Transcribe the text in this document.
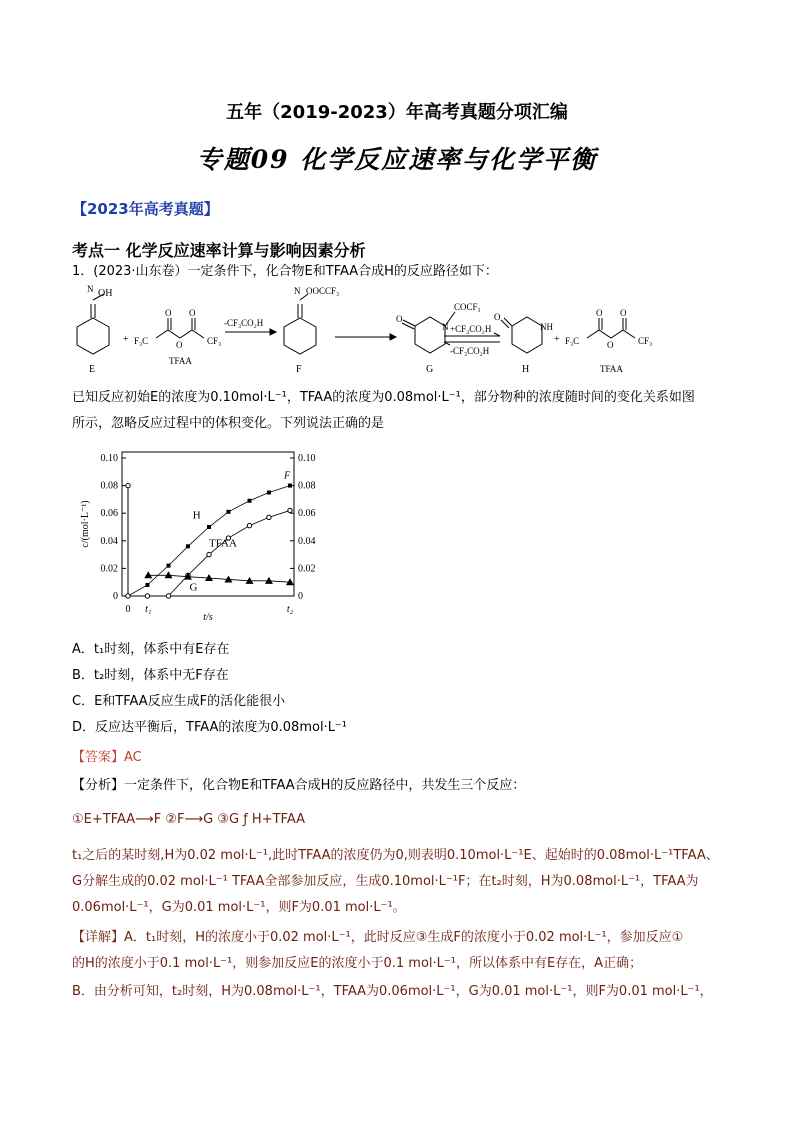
五年（2019-2023）年高考真题分项汇编
专题09 化学反应速率与化学平衡
【2023年高考真题】
考点一 化学反应速率计算与影响因素分析
1．(2023·山东卷）一定条件下，化合物E和TFAA合成H的反应路径如下：
OH
N
E
+ F₃C	CF₃
O O
O
TFAA
-CF₃CO₂H
N OOCCF₃
F
O
N
COCF₃
G
+CF₃CO₂H
-CF₃CO₂H
O
NH
H
+ F₃C	CF₃
O O
O
TFAA
已知反应初始E的浓度为0.10mol·L⁻¹，TFAA的浓度为0.08mol·L⁻¹，部分物种的浓度随时间的变化关系如图
所示，忽略反应过程中的体积变化。下列说法正确的是
0
0.02
0.04
0.06
0.08
0.10
0
0.02
0.04
0.06
0.08
0.10
0 t₁	t₂
c/(mol·L⁻¹)
t/s
H
TFAA
G
F
A．t₁时刻，体系中有E存在
B．t₂时刻，体系中无F存在
C．E和TFAA反应生成F的活化能很小
D．反应达平衡后，TFAA的浓度为0.08mol·L⁻¹
【答案】AC
【分析】一定条件下，化合物E和TFAA合成H的反应路径中，共发生三个反应：
①E+TFAA⟶F ②F⟶G ③G ƒ H+TFAA
t₁之后的某时刻,H为0.02 mol·L⁻¹,此时TFAA的浓度仍为0,则表明0.10mol·L⁻¹E、起始时的0.08mol·L⁻¹TFAA、
G分解生成的0.02 mol·L⁻¹ TFAA全部参加反应，生成0.10mol·L⁻¹F；在t₂时刻，H为0.08mol·L⁻¹，TFAA为
0.06mol·L⁻¹，G为0.01 mol·L⁻¹，则F为0.01 mol·L⁻¹。
【详解】A．t₁时刻，H的浓度小于0.02 mol·L⁻¹，此时反应③生成F的浓度小于0.02 mol·L⁻¹，参加反应①
的H的浓度小于0.1 mol·L⁻¹，则参加反应E的浓度小于0.1 mol·L⁻¹，所以体系中有E存在，A正确；
B．由分析可知，t₂时刻，H为0.08mol·L⁻¹，TFAA为0.06mol·L⁻¹，G为0.01 mol·L⁻¹，则F为0.01 mol·L⁻¹，
